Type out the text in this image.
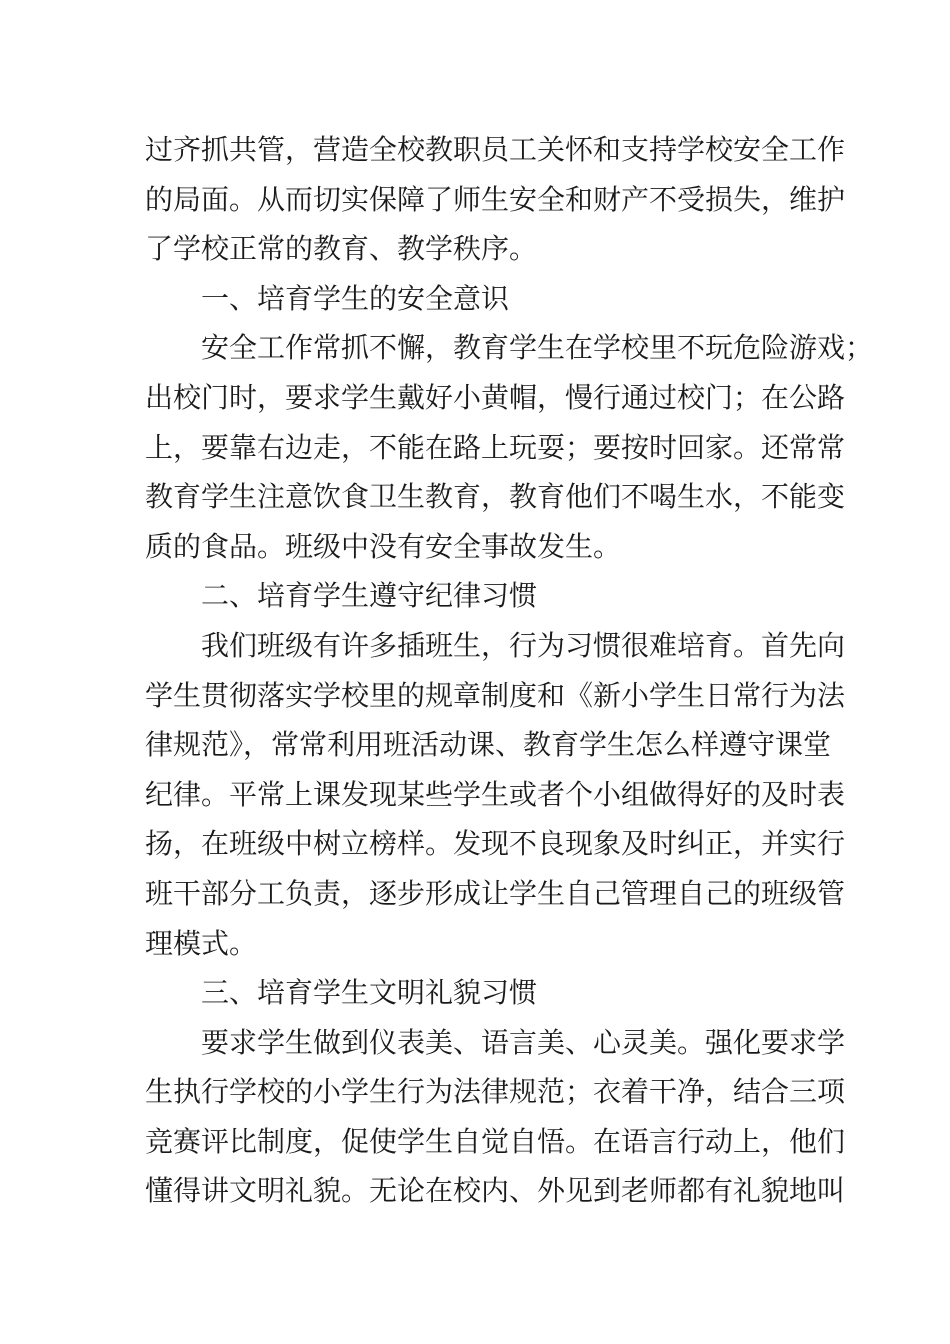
过齐抓共管，营造全校教职员工关怀和支持学校安全工作
的局面。从而切实保障了师生安全和财产不受损失，维护
了学校正常的教育、教学秩序。
一、培育学生的安全意识
安全工作常抓不懈，教育学生在学校里不玩危险游戏；
出校门时，要求学生戴好小黄帽，慢行通过校门；在公路
上，要靠右边走，不能在路上玩耍；要按时回家。还常常
教育学生注意饮食卫生教育，教育他们不喝生水，不能变
质的食品。班级中没有安全事故发生。
二、培育学生遵守纪律习惯
我们班级有许多插班生，行为习惯很难培育。首先向
学生贯彻落实学校里的规章制度和《新小学生日常行为法
律规范》，常常利用班活动课、教育学生怎么样遵守课堂
纪律。平常上课发现某些学生或者个小组做得好的及时表
扬，在班级中树立榜样。发现不良现象及时纠正，并实行
班干部分工负责，逐步形成让学生自己管理自己的班级管
理模式。
三、培育学生文明礼貌习惯
要求学生做到仪表美、语言美、心灵美。强化要求学
生执行学校的小学生行为法律规范；衣着干净，结合三项
竞赛评比制度，促使学生自觉自悟。在语言行动上，他们
懂得讲文明礼貌。无论在校内、外见到老师都有礼貌地叫
